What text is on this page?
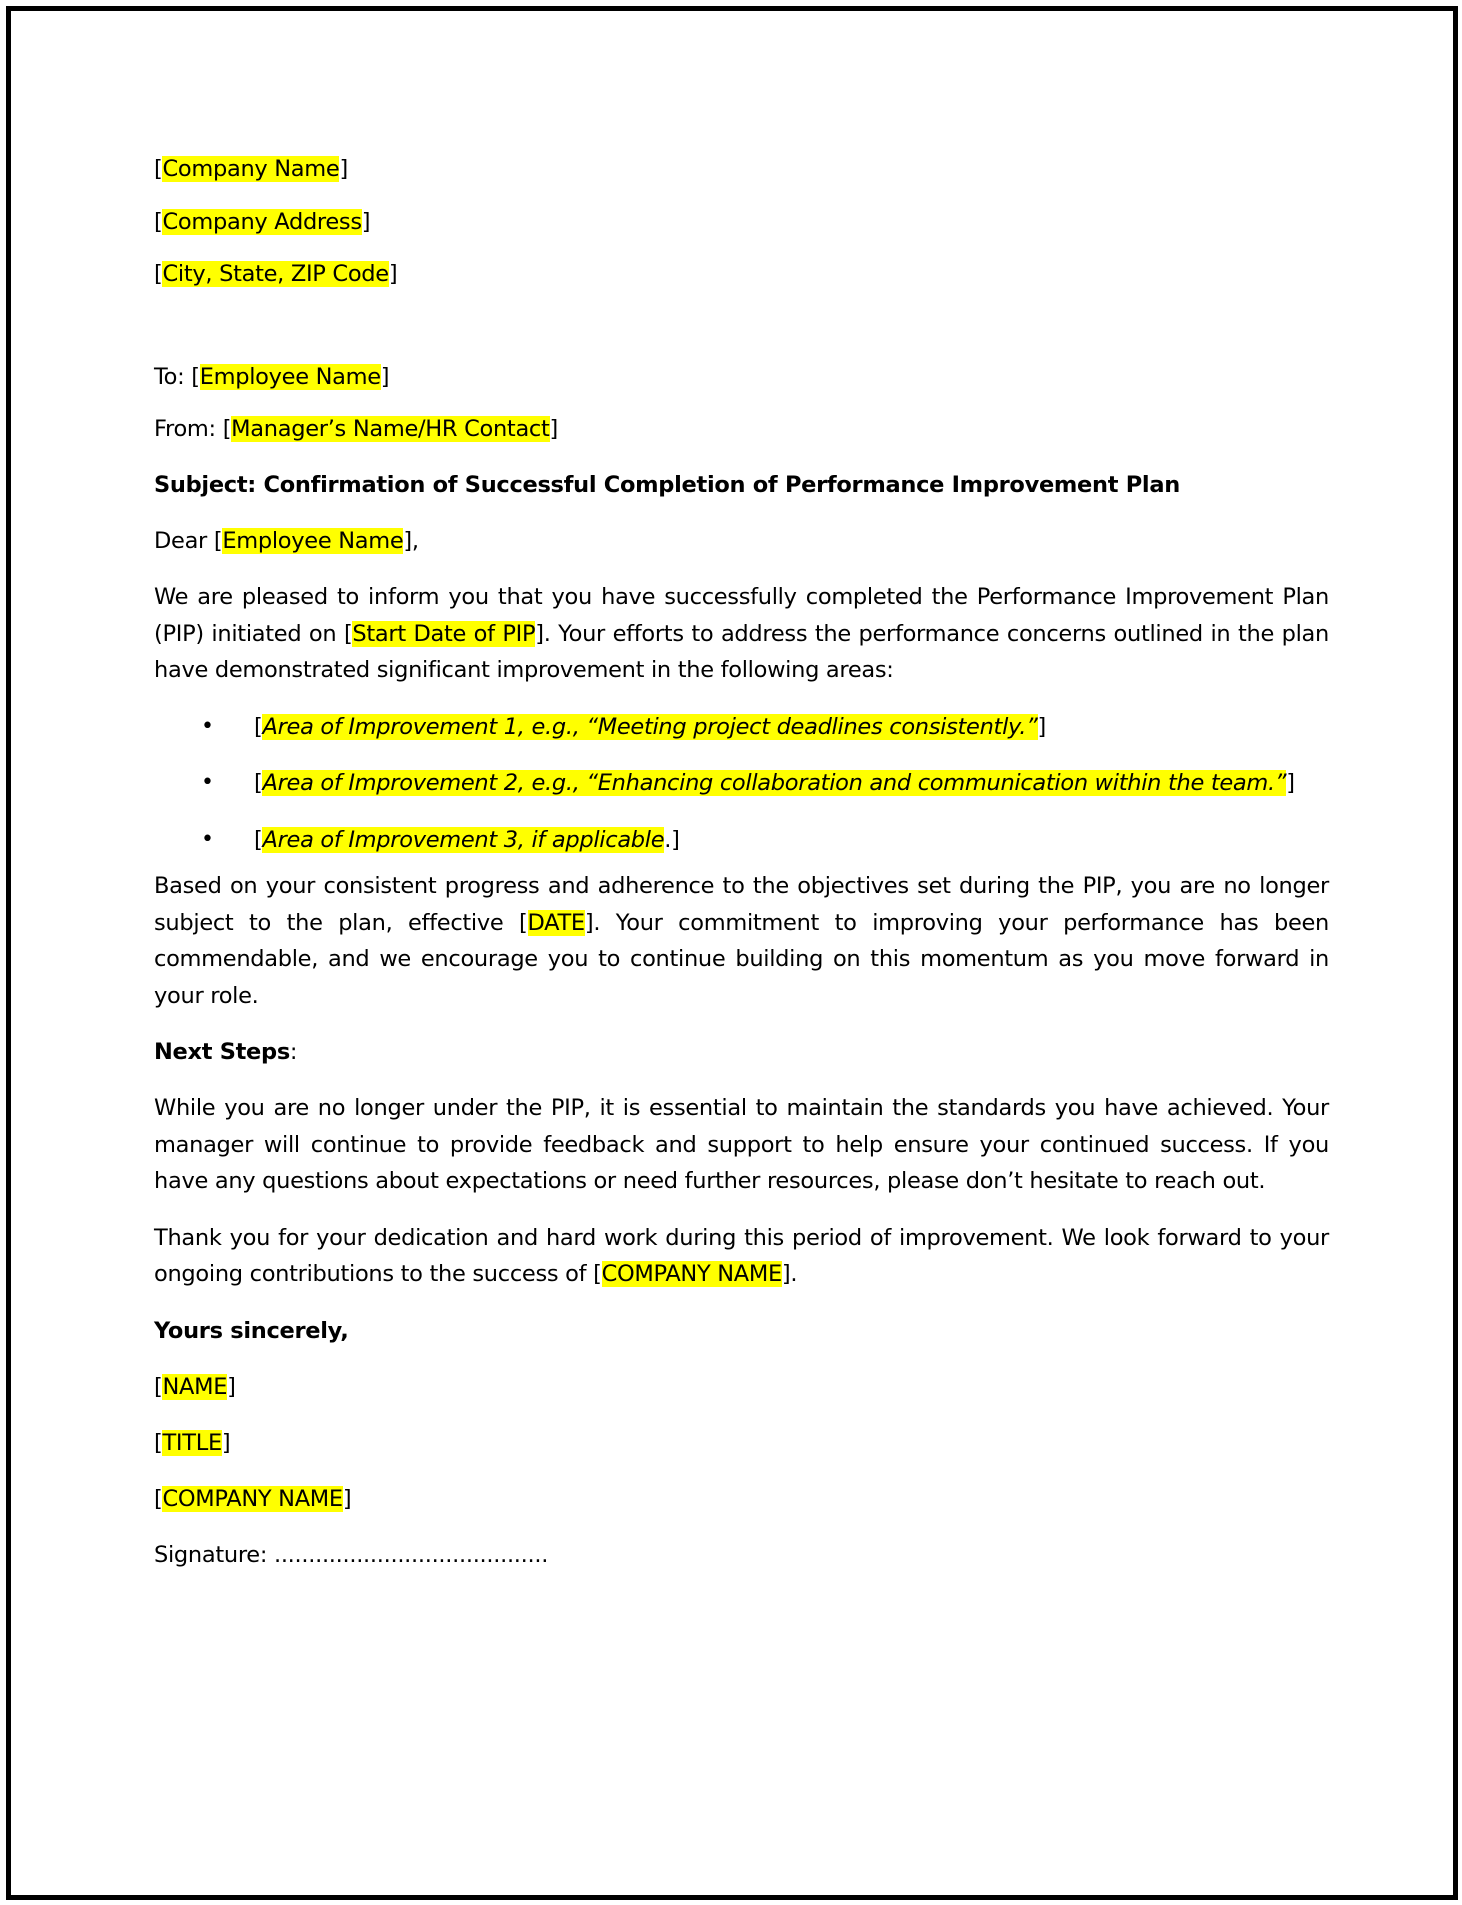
[Company Name]

[Company Address]

[City, State, ZIP Code]

To: [Employee Name]

From: [Manager’s Name/HR Contact]

Subject: Confirmation of Successful Completion of Performance Improvement Plan

Dear [Employee Name],

We are pleased to inform you that you have successfully completed the Performance Improvement Plan (PIP) initiated on [Start Date of PIP]. Your efforts to address the performance concerns outlined in the plan have demonstrated significant improvement in the following areas:

• [Area of Improvement 1, e.g., “Meeting project deadlines consistently.”]
• [Area of Improvement 2, e.g., “Enhancing collaboration and communication within the team.”]
• [Area of Improvement 3, if applicable.]

Based on your consistent progress and adherence to the objectives set during the PIP, you are no longer subject to the plan, effective [DATE]. Your commitment to improving your performance has been commendable, and we encourage you to continue building on this momentum as you move forward in your role.

Next Steps:

While you are no longer under the PIP, it is essential to maintain the standards you have achieved. Your manager will continue to provide feedback and support to help ensure your continued success. If you have any questions about expectations or need further resources, please don’t hesitate to reach out.

Thank you for your dedication and hard work during this period of improvement. We look forward to your ongoing contributions to the success of [COMPANY NAME].

Yours sincerely,

[NAME]

[TITLE]

[COMPANY NAME]

Signature: ........................................
